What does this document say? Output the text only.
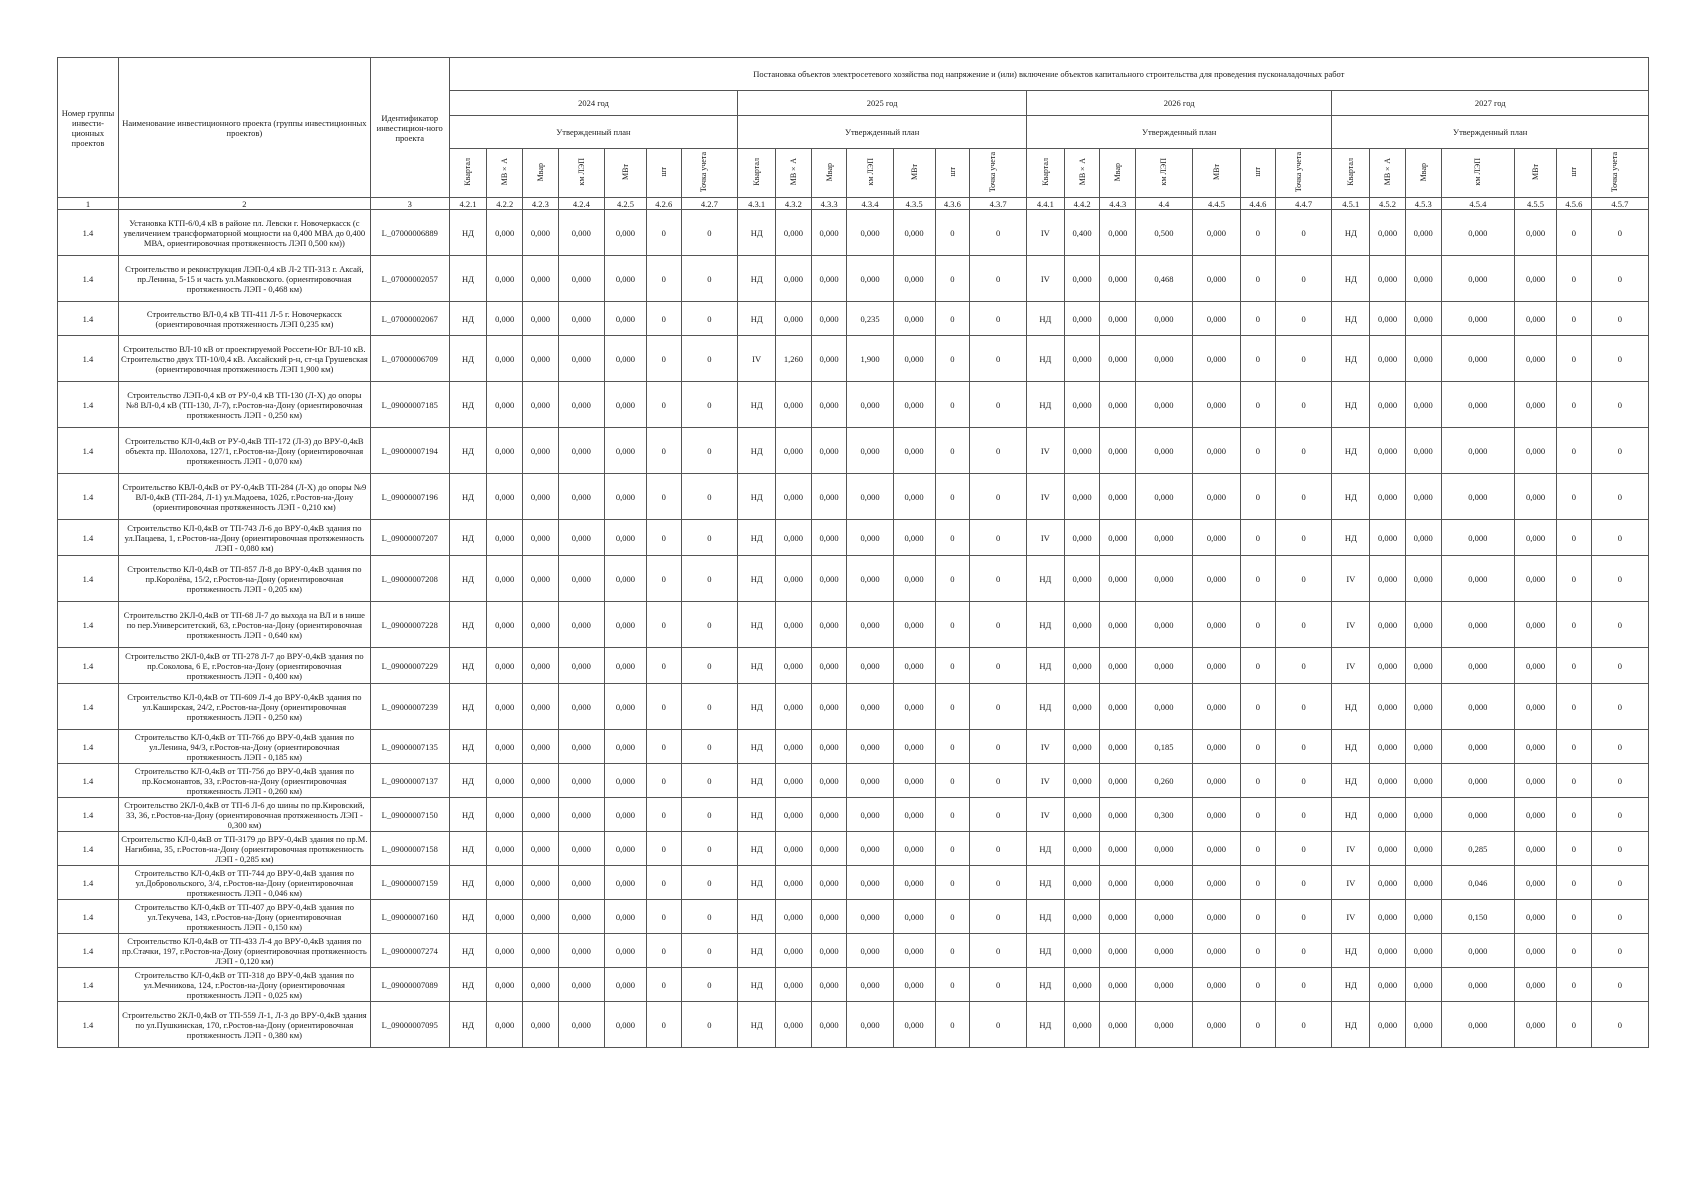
Номер группы инвести-ционных проектов	Наименование инвестиционного проекта (группы инвестиционных проектов)	Идентификатор инвестицион-ного проекта	Постановка объектов электросетевого хозяйства под напряжение и (или) включение объектов капитального строительства для проведения пусконаладочных работ																											
			2024 год							2025 год							2026 год							2027 год						
			Утвержденный план							Утвержденный план							Утвержденный план							Утвержденный план						
			Квартал	МВ×А	Мвар	км ЛЭП	МВт	шт	Точка учета	Квартал	МВ×А	Мвар	км ЛЭП	МВт	шт	Точка учета	Квартал	МВ×А	Мвар	км ЛЭП	МВт	шт	Точка учета	Квартал	МВ×А	Мвар	км ЛЭП	МВт	шт	Точка учета
1	2	3	4.2.1	4.2.2	4.2.3	4.2.4	4.2.5	4.2.6	4.2.7	4.3.1	4.3.2	4.3.3	4.3.4	4.3.5	4.3.6	4.3.7	4.4.1	4.4.2	4.4.3	4.4	4.4.5	4.4.6	4.4.7	4.5.1	4.5.2	4.5.3	4.5.4	4.5.5	4.5.6	4.5.7
1.4	Установка КТП-6/0,4 кВ в районе пл. Левски г. Новочеркасск (с увеличением трансформаторной мощности на 0,400 МВА до 0,400 МВА, ориентировочная протяженность ЛЭП 0,500 км))	L_07000006889	НД	0,000	0,000	0,000	0,000	0	0	НД	0,000	0,000	0,000	0,000	0	0	IV	0,400	0,000	0,500	0,000	0	0	НД	0,000	0,000	0,000	0,000	0	0
1.4	Строительство и реконструкция ЛЭП-0,4 кВ Л-2 ТП-313 г. Аксай, пр.Ленина, 5-15 и часть ул.Маяковского. (ориентировочная протяженность ЛЭП - 0,468 км)	L_07000002057	НД	0,000	0,000	0,000	0,000	0	0	НД	0,000	0,000	0,000	0,000	0	0	IV	0,000	0,000	0,468	0,000	0	0	НД	0,000	0,000	0,000	0,000	0	0
1.4	Строительство ВЛ-0,4 кВ ТП-411 Л-5 г. Новочеркасск (ориентировочная протяженность ЛЭП 0,235 км)	L_07000002067	НД	0,000	0,000	0,000	0,000	0	0	НД	0,000	0,000	0,235	0,000	0	0	НД	0,000	0,000	0,000	0,000	0	0	НД	0,000	0,000	0,000	0,000	0	0
1.4	Строительство ВЛ-10 кВ от проектируемой Россети-Юг ВЛ-10 кВ. Строительство двух ТП-10/0,4 кВ. Аксайский р-н, ст-ца Грушевская (ориентировочная протяженность ЛЭП 1,900 км)	L_07000006709	НД	0,000	0,000	0,000	0,000	0	0	IV	1,260	0,000	1,900	0,000	0	0	НД	0,000	0,000	0,000	0,000	0	0	НД	0,000	0,000	0,000	0,000	0	0
1.4	Строительство ЛЭП-0,4 кВ от РУ-0,4 кВ ТП-130 (Л-Х) до опоры №8 ВЛ-0,4 кВ (ТП-130, Л-7), г.Ростов-на-Дону (ориентировочная протяженность ЛЭП - 0,250 км)	L_09000007185	НД	0,000	0,000	0,000	0,000	0	0	НД	0,000	0,000	0,000	0,000	0	0	НД	0,000	0,000	0,000	0,000	0	0	НД	0,000	0,000	0,000	0,000	0	0
1.4	Строительство КЛ-0,4кВ от РУ-0,4кВ ТП-172 (Л-3) до ВРУ-0,4кВ объекта пр. Шолохова, 127/1, г.Ростов-на-Дону (ориентировочная протяженность ЛЭП - 0,070 км)	L_09000007194	НД	0,000	0,000	0,000	0,000	0	0	НД	0,000	0,000	0,000	0,000	0	0	IV	0,000	0,000	0,000	0,000	0	0	НД	0,000	0,000	0,000	0,000	0	0
1.4	Строительство КВЛ-0,4кВ от РУ-0,4кВ ТП-284 (Л-Х) до опоры №9 ВЛ-0,4кВ (ТП-284, Л-1) ул.Мадоева, 102б, г.Ростов-на-Дону (ориентировочная протяженность ЛЭП - 0,210 км)	L_09000007196	НД	0,000	0,000	0,000	0,000	0	0	НД	0,000	0,000	0,000	0,000	0	0	IV	0,000	0,000	0,000	0,000	0	0	НД	0,000	0,000	0,000	0,000	0	0
1.4	Строительство КЛ-0,4кВ от ТП-743 Л-6 до ВРУ-0,4кВ здания по ул.Пацаева, 1, г.Ростов-на-Дону (ориентировочная протяженность ЛЭП - 0,080 км)	L_09000007207	НД	0,000	0,000	0,000	0,000	0	0	НД	0,000	0,000	0,000	0,000	0	0	IV	0,000	0,000	0,000	0,000	0	0	НД	0,000	0,000	0,000	0,000	0	0
1.4	Строительство КЛ-0,4кВ от ТП-857 Л-8 до ВРУ-0,4кВ здания по пр.Королёва, 15/2, г.Ростов-на-Дону (ориентировочная протяженность ЛЭП - 0,205 км)	L_09000007208	НД	0,000	0,000	0,000	0,000	0	0	НД	0,000	0,000	0,000	0,000	0	0	НД	0,000	0,000	0,000	0,000	0	0	IV	0,000	0,000	0,000	0,000	0	0
1.4	Строительство 2КЛ-0,4кВ от ТП-68 Л-7 до выхода на ВЛ и в нише по пер.Университетский, 63, г.Ростов-на-Дону (ориентировочная протяженность ЛЭП - 0,640 км)	L_09000007228	НД	0,000	0,000	0,000	0,000	0	0	НД	0,000	0,000	0,000	0,000	0	0	НД	0,000	0,000	0,000	0,000	0	0	IV	0,000	0,000	0,000	0,000	0	0
1.4	Строительство 2КЛ-0,4кВ от ТП-278 Л-7 до ВРУ-0,4кВ здания по пр.Соколова, 6 Е, г.Ростов-на-Дону (ориентировочная протяженность ЛЭП - 0,400 км)	L_09000007229	НД	0,000	0,000	0,000	0,000	0	0	НД	0,000	0,000	0,000	0,000	0	0	НД	0,000	0,000	0,000	0,000	0	0	IV	0,000	0,000	0,000	0,000	0	0
1.4	Строительство КЛ-0,4кВ от ТП-609 Л-4 до ВРУ-0,4кВ здания по ул.Каширская, 24/2, г.Ростов-на-Дону (ориентировочная протяженность ЛЭП - 0,250 км)	L_09000007239	НД	0,000	0,000	0,000	0,000	0	0	НД	0,000	0,000	0,000	0,000	0	0	НД	0,000	0,000	0,000	0,000	0	0	НД	0,000	0,000	0,000	0,000	0	0
1.4	Строительство КЛ-0,4кВ от ТП-766 до ВРУ-0,4кВ здания по ул.Ленина, 94/3, г.Ростов-на-Дону (ориентировочная протяженность ЛЭП - 0,185 км)	L_09000007135	НД	0,000	0,000	0,000	0,000	0	0	НД	0,000	0,000	0,000	0,000	0	0	IV	0,000	0,000	0,185	0,000	0	0	НД	0,000	0,000	0,000	0,000	0	0
1.4	Строительство КЛ-0,4кВ от ТП-756 до ВРУ-0,4кВ здания по пр.Космонавтов, 33, г.Ростов-на-Дону (ориентировочная протяженность ЛЭП - 0,260 км)	L_09000007137	НД	0,000	0,000	0,000	0,000	0	0	НД	0,000	0,000	0,000	0,000	0	0	IV	0,000	0,000	0,260	0,000	0	0	НД	0,000	0,000	0,000	0,000	0	0
1.4	Строительство 2КЛ-0,4кВ от ТП-6 Л-6 до шины по пр.Кировский, 33, 36, г.Ростов-на-Дону (ориентировочная протяженность ЛЭП - 0,300 км)	L_09000007150	НД	0,000	0,000	0,000	0,000	0	0	НД	0,000	0,000	0,000	0,000	0	0	IV	0,000	0,000	0,300	0,000	0	0	НД	0,000	0,000	0,000	0,000	0	0
1.4	Строительство КЛ-0,4кВ от ТП-3179 до ВРУ-0,4кВ здания по пр.М. Нагибина, 35, г.Ростов-на-Дону (ориентировочная протяженность ЛЭП - 0,285 км)	L_09000007158	НД	0,000	0,000	0,000	0,000	0	0	НД	0,000	0,000	0,000	0,000	0	0	НД	0,000	0,000	0,000	0,000	0	0	IV	0,000	0,000	0,285	0,000	0	0
1.4	Строительство КЛ-0,4кВ от ТП-744 до ВРУ-0,4кВ здания по ул.Добровольского, 3/4, г.Ростов-на-Дону (ориентировочная протяженность ЛЭП - 0,046 км)	L_09000007159	НД	0,000	0,000	0,000	0,000	0	0	НД	0,000	0,000	0,000	0,000	0	0	НД	0,000	0,000	0,000	0,000	0	0	IV	0,000	0,000	0,046	0,000	0	0
1.4	Строительство КЛ-0,4кВ от ТП-407 до ВРУ-0,4кВ здания по ул.Текучева, 143, г.Ростов-на-Дону (ориентировочная протяженность ЛЭП - 0,150 км)	L_09000007160	НД	0,000	0,000	0,000	0,000	0	0	НД	0,000	0,000	0,000	0,000	0	0	НД	0,000	0,000	0,000	0,000	0	0	IV	0,000	0,000	0,150	0,000	0	0
1.4	Строительство КЛ-0,4кВ от ТП-433 Л-4 до ВРУ-0,4кВ здания по пр.Стачки, 197, г.Ростов-на-Дону (ориентировочная протяженность ЛЭП - 0,120 км)	L_09000007274	НД	0,000	0,000	0,000	0,000	0	0	НД	0,000	0,000	0,000	0,000	0	0	НД	0,000	0,000	0,000	0,000	0	0	НД	0,000	0,000	0,000	0,000	0	0
1.4	Строительство КЛ-0,4кВ от ТП-318 до ВРУ-0,4кВ здания по ул.Мечникова, 124, г.Ростов-на-Дону (ориентировочная протяженность ЛЭП - 0,025 км)	L_09000007089	НД	0,000	0,000	0,000	0,000	0	0	НД	0,000	0,000	0,000	0,000	0	0	НД	0,000	0,000	0,000	0,000	0	0	НД	0,000	0,000	0,000	0,000	0	0
1.4	Строительство 2КЛ-0,4кВ от ТП-559 Л-1, Л-3 до ВРУ-0,4кВ здания по ул.Пушкинская, 170, г.Ростов-на-Дону (ориентировочная протяженность ЛЭП - 0,380 км)	L_09000007095	НД	0,000	0,000	0,000	0,000	0	0	НД	0,000	0,000	0,000	0,000	0	0	НД	0,000	0,000	0,000	0,000	0	0	НД	0,000	0,000	0,000	0,000	0	0
